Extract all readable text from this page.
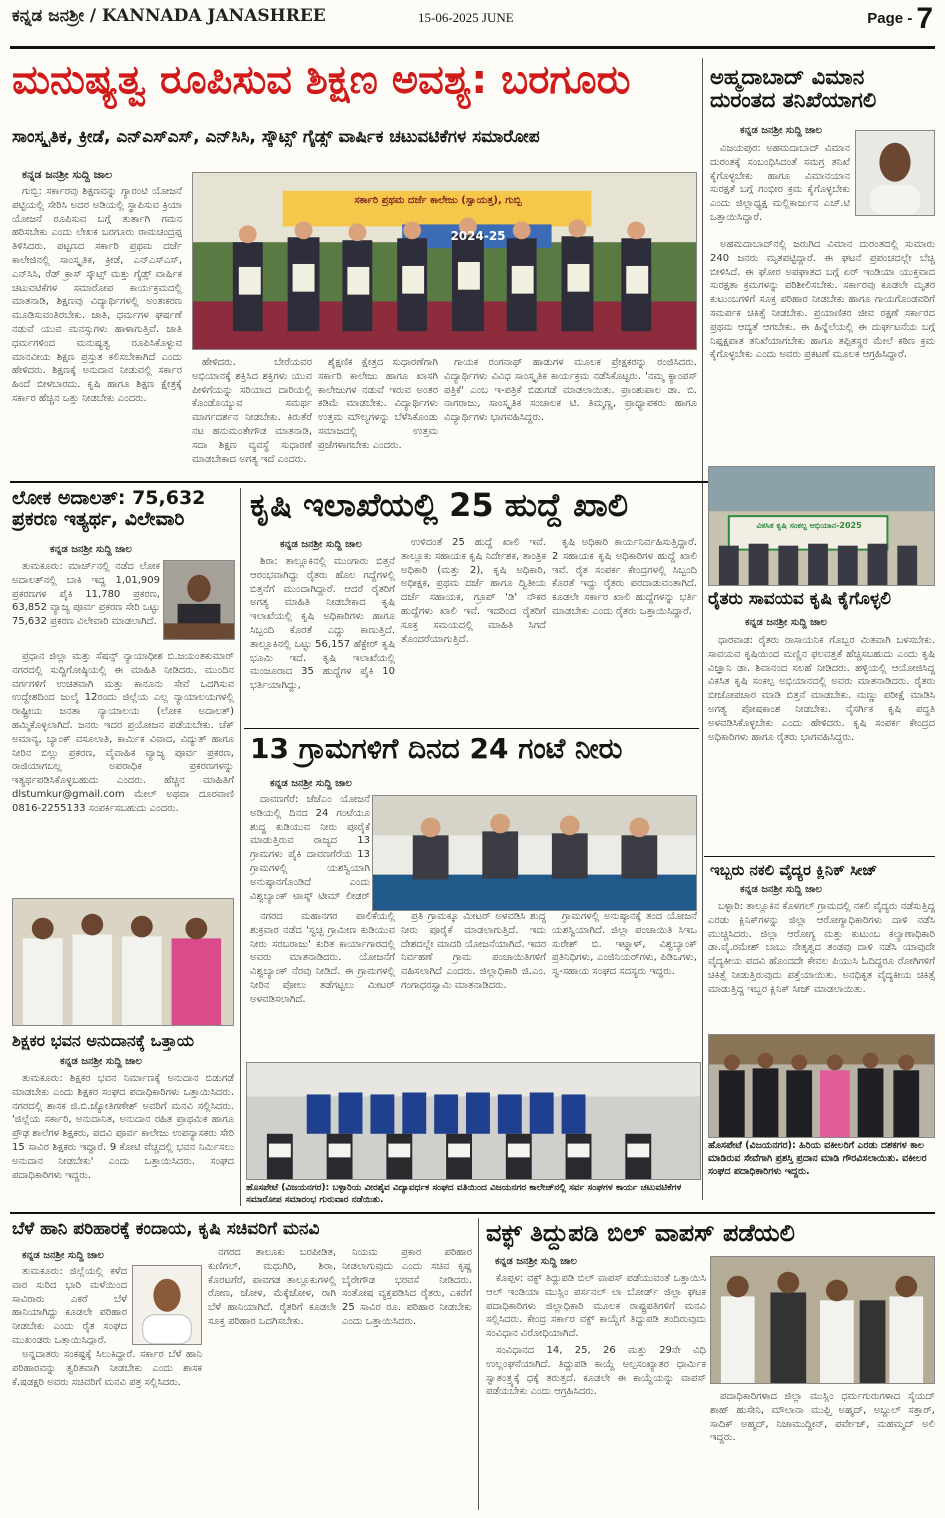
ಕನ್ನಡ ಜನಶ್ರೀ / KANNADA JANASHREE	15-06-2025 JUNE	Page - 7
ಮನುಷ್ಯತ್ವ ರೂಪಿಸುವ ಶಿಕ್ಷಣ ಅವಶ್ಯ: ಬರಗೂರು
ಸಾಂಸ್ಕೃತಿಕ, ಕ್ರೀಡೆ, ಎನ್‌ಎಸ್‌ಎಸ್, ಎನ್‌ಸಿಸಿ, ಸ್ಕೌಟ್ಸ್ ಗೈಡ್ಸ್ ವಾರ್ಷಿಕ ಚಟುವಟಿಕೆಗಳ ಸಮಾರೋಪ
ಕನ್ನಡ ಜನಶ್ರೀ ಸುದ್ದಿ ಜಾಲ

ಗುಬ್ಬಿ: ಸರ್ಕಾರವು ಶಿಕ್ಷಣವನ್ನು ಗ್ಯಾರಂಟಿ ಯೋಜನೆ ಪಟ್ಟಿಯಲ್ಲಿ ಸೇರಿಸಿ ಅದರ ಅಡಿಯಲ್ಲಿ ಸ್ಥಾಪಿಸುವ ಕ್ರಿಯಾ ಯೋಜನೆ ರೂಪಿಸುವ ಬಗ್ಗೆ ತುರ್ತಾಗಿ ಗಮನ ಹರಿಸಬೇಕು ಎಂದು ಲೇಖಕ ಬರಗೂರು ರಾಮಚಂದ್ರಪ್ಪ ತಿಳಿಸಿದರು. ಪಟ್ಟಣದ ಸರ್ಕಾರಿ ಪ್ರಥಮ ದರ್ಜೆ ಕಾಲೇಜಿನಲ್ಲಿ ಸಾಂಸ್ಕೃತಿಕ, ಕ್ರೀಡೆ, ಎನ್‌ಎಸ್‌ಎಸ್, ಎನ್‌ಸಿಸಿ, ರೆಡ್ ಕ್ರಾಸ್ ಸ್ಕೌಟ್ಸ್ ಮತ್ತು ಗೈಡ್ಸ್ ವಾರ್ಷಿಕ ಚಟುವಟಿಕೆಗಳ ಸಮಾರೋಪ ಕಾರ್ಯಕ್ರಮದಲ್ಲಿ ಮಾತನಾಡಿ, ಶಿಕ್ಷಣವು ವಿದ್ಯಾರ್ಥಿಗಳಲ್ಲಿ ಅಂತಃಕರಣ ಮೂಡಿಸುವಂತಿರಬೇಕು. ಜಾತಿ, ಧರ್ಮಗಳ ಘರ್ಷಣೆ ನಡುವೆ ಯುವ ಮನಸ್ಸುಗಳು ಹಾಳಾಗುತ್ತಿವೆ. ಜಾತಿ ಧರ್ಮಗಳಿಂದ ಮನುಷ್ಯತ್ವ ರೂಪಿಸಿಕೊಳ್ಳುವ ಮಾನವೀಯ ಶಿಕ್ಷಣ ಪ್ರಸ್ತುತ ಕಲಿಸಬೇಕಾಗಿದೆ ಎಂದು ಹೇಳಿದರು. ಶಿಕ್ಷಣಕ್ಕೆ ಅನುದಾನ ನೀಡುವಲ್ಲಿ ಸರ್ಕಾರ ಹಿಂದೆ ಬೀಳಬಾರದು. ಕೃಷಿ ಹಾಗೂ ಶಿಕ್ಷಣ ಕ್ಷೇತ್ರಕ್ಕೆ ಸರ್ಕಾರ ಹೆಚ್ಚಿನ ಒತ್ತು ನೀಡಬೇಕು ಎಂದರು.

ಸರ್ಕಾರಿ ಪ್ರಥಮ ದರ್ಜೆ ಕಾಲೇಜು (ಸ್ವಾಯತ್ತ), ಗುಬ್ಬಿ
2024-25

ಹೇಳಿದರು. ಬೇರೆಯವರ ಅಭಿಯಾನಕ್ಕೆ ಶಕ್ತಿಸಿದ ಶಕ್ತಿಗಳು ಯುವ ಪೀಳಿಗೆಯನ್ನು ಸರಿಯಾದ ದಾರಿಯಲ್ಲಿ ಕೊಂಡೊಯ್ಯುವ ಸಮರ್ಥ ಮಾರ್ಗದರ್ಶನ ನೀಡಬೇಕು. ಕಿರುತೆರೆ ನಟ ಹನುಮಂತೇಗೌಡ ಮಾತನಾಡಿ, ಸದಾ ಶಿಕ್ಷಣ ವ್ಯವಸ್ಥೆ ಸುಧಾರಣೆ ಮಾಡಬೇಕಾದ ಅಗತ್ಯ ಇದೆ ಎಂದರು.

ಶೈಕ್ಷಣಿಕ ಕ್ಷೇತ್ರದ ಸುಧಾರಣೆಗಾಗಿ ಸರ್ಕಾರಿ ಕಾಲೇಜು ಹಾಗೂ ಖಾಸಗಿ ಕಾಲೇಜುಗಳ ನಡುವೆ ಇರುವ ಅಂತರ ಕಡಿಮೆ ಮಾಡಬೇಕು. ವಿದ್ಯಾರ್ಥಿಗಳು ಉತ್ತಮ ಮೌಲ್ಯಗಳನ್ನು ಬೆಳೆಸಿಕೊಂಡು ಸಮಾಜದಲ್ಲಿ ಉತ್ತಮ ಪ್ರಜೆಗಳಾಗಬೇಕು ಎಂದರು.

ಗಾಯಕ ರಂಗನಾಥ್ ಹಾಡುಗಳ ಮೂಲಕ ಪ್ರೇಕ್ಷಕರನ್ನು ರಂಜಿಸಿದರು. ವಿದ್ಯಾರ್ಥಿಗಳು ವಿವಿಧ ಸಾಂಸ್ಕೃತಿಕ ಕಾರ್ಯಕ್ರಮ ನಡೆಸಿಕೊಟ್ಟರು. 'ನಮ್ಮ ಕ್ಯಾಂಪಸ್ ಪತ್ರಿಕೆ' ಎಂಬ ಇ-ಪತ್ರಿಕೆ ಬಿಡುಗಡೆ ಮಾಡಲಾಯಿತು. ಪ್ರಾಂಶುಪಾಲ ಡಾ. ಬಿ. ನಾಗರಾಜು, ಸಾಂಸ್ಕೃತಿಕ ಸಂಚಾಲಕ ಟಿ. ತಿಮ್ಮಣ್ಣ, ಪ್ರಾಧ್ಯಾಪಕರು ಹಾಗೂ ವಿದ್ಯಾರ್ಥಿಗಳು ಭಾಗವಹಿಸಿದ್ದರು.

ಅಹ್ಮದಾಬಾದ್ ವಿಮಾನ ದುರಂತದ ತನಿಖೆಯಾಗಲಿ
ಕನ್ನಡ ಜನಶ್ರೀ ಸುದ್ದಿ ಜಾಲ

ವಿಜಯಪುರ: ಅಹಮದಾಬಾದ್ ವಿಮಾನ ದುರಂತಕ್ಕೆ ಸಂಬಂಧಿಸಿದಂತೆ ಸಮಗ್ರ ತನಿಖೆ ಕೈಗೊಳ್ಳಬೇಕು ಹಾಗೂ ವಿಮಾನಯಾನ ಸುರಕ್ಷತೆ ಬಗ್ಗೆ ಗಂಭೀರ ಕ್ರಮ ಕೈಗೊಳ್ಳಬೇಕು ಎಂದು ಜಿಲ್ಲಾಧ್ಯಕ್ಷ ಮಲ್ಲಿಕಾರ್ಜುನ ಎಚ್.ಟಿ ಒತ್ತಾಯಿಸಿದ್ದಾರೆ.

ಅಹಮದಾಬಾದ್‌ನಲ್ಲಿ ಜರುಗಿದ ವಿಮಾನ ದುರಂತದಲ್ಲಿ ಸುಮಾರು 240 ಜನರು ಮೃತಪಟ್ಟಿದ್ದಾರೆ. ಈ ಘಟನೆ ಪ್ರಪಂಚದಲ್ಲೇ ಬೆಚ್ಚಿ ಬೀಳಿಸಿದೆ. ಈ ಘೋರ ಅಪಘಾತದ ಬಗ್ಗೆ ಏರ್ ಇಂಡಿಯಾ ಯುಕ್ತವಾದ ಸುರಕ್ಷತಾ ಕ್ರಮಗಳನ್ನು ಪರಿಶೀಲಿಸಬೇಕು. ಸರ್ಕಾರವು ಕೂಡಲೇ ಮೃತರ ಕುಟುಂಬಗಳಿಗೆ ಸೂಕ್ತ ಪರಿಹಾರ ನೀಡಬೇಕು ಹಾಗೂ ಗಾಯಗೊಂಡವರಿಗೆ ಸಮರ್ಪಕ ಚಿಕಿತ್ಸೆ ನೀಡಬೇಕು. ಪ್ರಯಾಣಿಕರ ಜೀವ ರಕ್ಷಣೆ ಸರ್ಕಾರದ ಪ್ರಥಮ ಆದ್ಯತೆ ಆಗಬೇಕು. ಈ ಹಿನ್ನೆಲೆಯಲ್ಲಿ ಈ ದುರ್ಘಟನೆಯ ಬಗ್ಗೆ ನಿಷ್ಪಕ್ಷಪಾತ ತನಿಖೆಯಾಗಬೇಕು ಹಾಗೂ ತಪ್ಪಿತಸ್ಥರ ಮೇಲೆ ಕಠಿಣ ಕ್ರಮ ಕೈಗೊಳ್ಳಬೇಕು ಎಂದು ಅವರು ಪ್ರಕಟಣೆ ಮೂಲಕ ಆಗ್ರಹಿಸಿದ್ದಾರೆ.

ಲೋಕ ಅದಾಲತ್: 75,632 ಪ್ರಕರಣ ಇತ್ಯರ್ಥ, ವಿಲೇವಾರಿ
ಕನ್ನಡ ಜನಶ್ರೀ ಸುದ್ದಿ ಜಾಲ

ತುಮಕೂರು: ಮಾರ್ಚ್‌ನಲ್ಲಿ ನಡೆದ ಲೋಕ ಅದಾಲತ್‌ನಲ್ಲಿ ಬಾಕಿ ಇದ್ದ 1,01,909 ಪ್ರಕರಣಗಳ ಪೈಕಿ 11,780 ಪ್ರಕರಣ, 63,852 ವ್ಯಾಜ್ಯ ಪೂರ್ವ ಪ್ರಕರಣ ಸೇರಿ ಒಟ್ಟು 75,632 ಪ್ರಕರಣ ವಿಲೇವಾರಿ ಮಾಡಲಾಗಿದೆ.

ಪ್ರಧಾನ ಜಿಲ್ಲಾ ಮತ್ತು ಸೆಷನ್ಸ್ ನ್ಯಾಯಾಧೀಶ ಬಿ.ಜಯಂತಕುಮಾರ್ ನಗರದಲ್ಲಿ ಸುದ್ದಿಗೋಷ್ಠಿಯಲ್ಲಿ ಈ ಮಾಹಿತಿ ನೀಡಿದರು. ಮುಂದಿನ ವರ್ಗಗಳಿಗೆ ಉಚಿತವಾಗಿ ಮತ್ತು ಕಾನೂನು ಸೇವೆ ಒದಗಿಸುವ ಉದ್ದೇಶದಿಂದ ಜುಲೈ 12ರಂದು ಜಿಲ್ಲೆಯ ಎಲ್ಲ ನ್ಯಾಯಾಲಯಗಳಲ್ಲಿ ರಾಷ್ಟ್ರೀಯ ಜನತಾ ನ್ಯಾಯಾಲಯ (ಲೋಕ ಅದಾಲತ್) ಹಮ್ಮಿಕೊಳ್ಳಲಾಗಿದೆ. ಜನರು ಇದರ ಪ್ರಯೋಜನ ಪಡೆಯಬೇಕು. ಚೆಕ್ ಅಮಾನ್ಯ, ಬ್ಯಾಂಕ್ ವಸೂಲಾತಿ, ಕಾರ್ಮಿಕ ವಿವಾದ, ವಿದ್ಯುತ್ ಹಾಗೂ ನೀರಿನ ಬಿಲ್ಲು ಪ್ರಕರಣ, ವೈವಾಹಿಕ ವ್ಯಾಜ್ಯ ಪೂರ್ವ ಪ್ರಕರಣ, ರಾಜಿಯಾಗಬಲ್ಲ ಅಪರಾಧಿಕ ಪ್ರಕರಣಗಳನ್ನು ಇತ್ಯರ್ಥಪಡಿಸಿಕೊಳ್ಳಬಹುದು ಎಂದರು. ಹೆಚ್ಚಿನ ಮಾಹಿತಿಗೆ dlstumkur@gmail.com ಮೇಲ್ ಅಥವಾ ದೂರವಾಣಿ 0816-2255133 ಸಂಪರ್ಕಿಸಬಹುದು ಎಂದರು.

ಕೃಷಿ ಇಲಾಖೆಯಲ್ಲಿ 25 ಹುದ್ದೆ ಖಾಲಿ
ಕನ್ನಡ ಜನಶ್ರೀ ಸುದ್ದಿ ಜಾಲ

ಶಿರಾ: ತಾಲ್ಲೂಕಿನಲ್ಲಿ ಮುಂಗಾರು ಬಿತ್ತನೆ ಆರಂಭವಾಗಿದ್ದು ರೈತರು ಹೊಲ ಗದ್ದೆಗಳಲ್ಲಿ ಬಿತ್ತನೆಗೆ ಮುಂದಾಗಿದ್ದಾರೆ. ಆದರೆ ರೈತರಿಗೆ ಅಗತ್ಯ ಮಾಹಿತಿ ನೀಡಬೇಕಾದ ಕೃಷಿ ಇಲಾಖೆಯಲ್ಲಿ ಕೃಷಿ ಅಧಿಕಾರಿಗಳು ಹಾಗೂ ಸಿಬ್ಬಂದಿ ಕೊರತೆ ಎದ್ದು ಕಾಣುತ್ತಿದೆ. ತಾಲ್ಲೂಕಿನಲ್ಲಿ ಒಟ್ಟು 56,157 ಹೆಕ್ಟೇರ್ ಕೃಷಿ ಭೂಮಿ ಇದೆ. ಕೃಷಿ ಇಲಾಖೆಯಲ್ಲಿ ಮಂಜೂರಾದ 35 ಹುದ್ದೆಗಳ ಪೈಕಿ 10 ಭರ್ತಿಯಾಗಿದ್ದು,

ಉಳಿದಂತೆ 25 ಹುದ್ದೆ ಖಾಲಿ ಇವೆ. ತಾಲ್ಲೂಕು ಸಹಾಯಕ ಕೃಷಿ ನಿರ್ದೇಶಕ, ತಾಂತ್ರಿಕ ಅಧಿಕಾರಿ (ಮತ್ತು 2), ಕೃಷಿ ಅಧಿಕಾರಿ, ಅಧೀಕ್ಷಕ, ಪ್ರಥಮ ದರ್ಜೆ ಹಾಗೂ ದ್ವಿತೀಯ ದರ್ಜೆ ಸಹಾಯಕ, ಗ್ರೂಪ್ 'ಡಿ' ನೌಕರ ಹುದ್ದೆಗಳು ಖಾಲಿ ಇವೆ. ಇದರಿಂದ ರೈತರಿಗೆ ಸೂಕ್ತ ಸಮಯದಲ್ಲಿ ಮಾಹಿತಿ ಸಿಗದೆ ತೊಂದರೆಯಾಗುತ್ತಿದೆ.

ಕೃಷಿ ಅಧಿಕಾರಿ ಕಾರ್ಯನಿರ್ವಹಿಸುತ್ತಿದ್ದಾರೆ. 2 ಸಹಾಯಕ ಕೃಷಿ ಅಧಿಕಾರಿಗಳ ಹುದ್ದೆ ಖಾಲಿ ಇವೆ. ರೈತ ಸಂಪರ್ಕ ಕೇಂದ್ರಗಳಲ್ಲಿ ಸಿಬ್ಬಂದಿ ಕೊರತೆ ಇದ್ದು ರೈತರು ಪರದಾಡುವಂತಾಗಿದೆ. ಕೂಡಲೇ ಸರ್ಕಾರ ಖಾಲಿ ಹುದ್ದೆಗಳನ್ನು ಭರ್ತಿ ಮಾಡಬೇಕು ಎಂದು ರೈತರು ಒತ್ತಾಯಿಸಿದ್ದಾರೆ.

ವಿಕಸಿತ ಕೃಷಿ ಸಂಕಲ್ಪ ಅಭಿಯಾನ-2025
ರೈತರು ಸಾವಯವ ಕೃಷಿ ಕೈಗೊಳ್ಳಲಿ
ಕನ್ನಡ ಜನಶ್ರೀ ಸುದ್ದಿ ಜಾಲ

ಧಾರವಾಡ: ರೈತರು ರಾಸಾಯನಿಕ ಗೊಬ್ಬರ ಮಿತವಾಗಿ ಬಳಸಬೇಕು. ಸಾವಯವ ಕೃಷಿಯಿಂದ ಮಣ್ಣಿನ ಫಲವತ್ತತೆ ಹೆಚ್ಚಿಸಬಹುದು ಎಂದು ಕೃಷಿ ವಿಜ್ಞಾನಿ ಡಾ. ಶಿವಾನಂದ ಸಲಹೆ ನೀಡಿದರು. ಹಳ್ಳಿಯಲ್ಲಿ ಆಯೋಜಿಸಿದ್ದ ವಿಕಸಿತ ಕೃಷಿ ಸಂಕಲ್ಪ ಅಭಿಯಾನದಲ್ಲಿ ಅವರು ಮಾತನಾಡಿದರು. ರೈತರು ಬೀಜೋಪಚಾರ ಮಾಡಿ ಬಿತ್ತನೆ ಮಾಡಬೇಕು. ಮಣ್ಣು ಪರೀಕ್ಷೆ ಮಾಡಿಸಿ ಅಗತ್ಯ ಪೋಷಕಾಂಶ ನೀಡಬೇಕು. ನೈಸರ್ಗಿಕ ಕೃಷಿ ಪದ್ಧತಿ ಅಳವಡಿಸಿಕೊಳ್ಳಬೇಕು ಎಂದು ಹೇಳಿದರು. ಕೃಷಿ ಸಂಪರ್ಕ ಕೇಂದ್ರದ ಅಧಿಕಾರಿಗಳು ಹಾಗೂ ರೈತರು ಭಾಗವಹಿಸಿದ್ದರು.

13 ಗ್ರಾಮಗಳಿಗೆ ದಿನದ 24 ಗಂಟೆ ನೀರು
ಕನ್ನಡ ಜನಶ್ರೀ ಸುದ್ದಿ ಜಾಲ

ದಾವಣಗೆರೆ: ಜೆಜೆಎಂ ಯೋಜನೆ ಅಡಿಯಲ್ಲಿ ದಿನದ 24 ಗಂಟೆಯೂ ಶುದ್ಧ ಕುಡಿಯುವ ನೀರು ಪೂರೈಕೆ ಮಾಡುತ್ತಿರುವ ರಾಜ್ಯದ 13 ಗ್ರಾಮಗಳು ಪೈಕಿ ದಾವಣಗೆರೆಯ 13 ಗ್ರಾಮಗಳಲ್ಲಿ ಯಶಸ್ವಿಯಾಗಿ ಅನುಷ್ಠಾನಗೊಂಡಿದೆ ಎಂದು ವಿಶ್ವಬ್ಯಾಂಕ್ ಟಾಸ್ಕ್ ಟೀಮ್ ಲೀಡರ್

ನಗರದ ಮಹಾನಗರ ಪಾಲಿಕೆಯಲ್ಲಿ ಶುಕ್ರವಾರ ನಡೆದ 'ಸ್ವಚ್ಛ ಗ್ರಾಮೀಣ ಕುಡಿಯುವ ನೀರು ಸರಬರಾಜು' ಕುರಿತ ಕಾರ್ಯಾಗಾರದಲ್ಲಿ ಅವರು ಮಾತನಾಡಿದರು. ಯೋಜನೆಗೆ ವಿಶ್ವಬ್ಯಾಂಕ್ ನೆರವು ನೀಡಿದೆ. ಈ ಗ್ರಾಮಗಳಲ್ಲಿ ನೀರಿನ ಪೋಲು ತಡೆಗಟ್ಟಲು ಮೀಟರ್ ಅಳವಡಿಸಲಾಗಿದೆ.

ಪ್ರತಿ ಗ್ರಾಮಕ್ಕೂ ಮೀಟರ್ ಅಳವಡಿಸಿ ಶುದ್ಧ ನೀರು ಪೂರೈಕೆ ಮಾಡಲಾಗುತ್ತಿದೆ. ಇದು ದೇಶದಲ್ಲೇ ಮಾದರಿ ಯೋಜನೆಯಾಗಿದೆ. ಇದರ ನಿರ್ವಹಣೆ ಗ್ರಾಮ ಪಂಚಾಯಿತಿಗಳಿಗೆ ವಹಿಸಲಾಗಿದೆ ಎಂದರು. ಜಿಲ್ಲಾಧಿಕಾರಿ ಜಿ.ಎಂ. ಗಂಗಾಧರಸ್ವಾಮಿ ಮಾತನಾಡಿದರು.

ಗ್ರಾಮಗಳಲ್ಲಿ ಅನುಷ್ಠಾನಕ್ಕೆ ತಂದ ಯೋಜನೆ ಯಶಸ್ವಿಯಾಗಿದೆ. ಜಿಲ್ಲಾ ಪಂಚಾಯಿತಿ ಸಿಇಒ ಸುರೇಶ್ ಬಿ. ಇಟ್ನಾಳ್, ವಿಶ್ವಬ್ಯಾಂಕ್ ಪ್ರತಿನಿಧಿಗಳು, ಎಂಜಿನಿಯರ್‌ಗಳು, ಪಿಡಿಒಗಳು, ಸ್ವ-ಸಹಾಯ ಸಂಘದ ಸದಸ್ಯರು ಇದ್ದರು.

ಶಿಕ್ಷಕರ ಭವನ ಅನುದಾನಕ್ಕೆ ಒತ್ತಾಯ
ಕನ್ನಡ ಜನಶ್ರೀ ಸುದ್ದಿ ಜಾಲ

ತುಮಕೂರು: ಶಿಕ್ಷಕರ ಭವನ ನಿರ್ಮಾಣಕ್ಕೆ ಅನುದಾನ ಬಿಡುಗಡೆ ಮಾಡಬೇಕು ಎಂದು ಶಿಕ್ಷಕರ ಸಂಘದ ಪದಾಧಿಕಾರಿಗಳು ಒತ್ತಾಯಿಸಿದರು. ನಗರದಲ್ಲಿ ಶಾಸಕ ಜಿ.ಬಿ.ಜ್ಯೋತಿಗಣೇಶ್‌ ಅವರಿಗೆ ಮನವಿ ಸಲ್ಲಿಸಿದರು. 'ಜಿಲ್ಲೆಯ ಸರ್ಕಾರಿ, ಅನುದಾನಿತ, ಅನುದಾನ ರಹಿತ ಪ್ರಾಥಮಿಕ ಹಾಗೂ ಪ್ರೌಢ ಶಾಲೆಗಳ ಶಿಕ್ಷಕರು, ಪದವಿ ಪೂರ್ವ ಕಾಲೇಜು ಉಪನ್ಯಾಸಕರು ಸೇರಿ 15 ಸಾವಿರ ಶಿಕ್ಷಕರು ಇದ್ದಾರೆ. 9 ಕೋಟಿ ವೆಚ್ಚದಲ್ಲಿ ಭವನ ನಿರ್ಮಿಸಲು ಅನುದಾನ ನೀಡಬೇಕು' ಎಂದು ಒತ್ತಾಯಿಸಿದರು. ಸಂಘದ ಪದಾಧಿಕಾರಿಗಳು ಇದ್ದರು.

ಇಬ್ಬರು ನಕಲಿ ವೈದ್ಯರ ಕ್ಲಿನಿಕ್ ಸೀಜ್
ಕನ್ನಡ ಜನಶ್ರೀ ಸುದ್ದಿ ಜಾಲ

ಬಳ್ಳಾರಿ: ತಾಲ್ಲೂಕಿನ ಕೊಳಗಲ್ ಗ್ರಾಮದಲ್ಲಿ ನಕಲಿ ವೈದ್ಯರು ನಡೆಸುತ್ತಿದ್ದ ಎರಡು ಕ್ಲಿನಿಕ್‌ಗಳನ್ನು ಜಿಲ್ಲಾ ಆರೋಗ್ಯಾಧಿಕಾರಿಗಳು ದಾಳಿ ನಡೆಸಿ ಮುಚ್ಚಿಸಿದರು. ಜಿಲ್ಲಾ ಆರೋಗ್ಯ ಮತ್ತು ಕುಟುಂಬ ಕಲ್ಯಾಣಾಧಿಕಾರಿ ಡಾ.ವೈ.ರಮೇಶ್ ಬಾಬು ನೇತೃತ್ವದ ತಂಡವು ದಾಳಿ ನಡೆಸಿ ಯಾವುದೇ ವೈದ್ಯಕೀಯ ಪದವಿ ಹೊಂದದೇ ಕೇವಲ ಪಿಯುಸಿ ಓದಿದ್ದರೂ ರೋಗಿಗಳಿಗೆ ಚಿಕಿತ್ಸೆ ನೀಡುತ್ತಿರುವುದು ಪತ್ತೆಯಾಯಿತು. ಅನಧಿಕೃತ ವೈದ್ಯಕೀಯ ಚಿಕಿತ್ಸೆ ಮಾಡುತ್ತಿದ್ದ ಇಬ್ಬರ ಕ್ಲಿನಿಕ್ ಸೀಜ್ ಮಾಡಲಾಯಿತು.

ಹೊಸಪೇಟೆ (ವಿಜಯನಗರ): ಹಿರಿಯ ವಕೀಲರಿಗೆ ಎರಡು ದಶಕಗಳ ಕಾಲ ಮಾಡಿರುವ ಸೇವೆಗಾಗಿ ಪ್ರಶಸ್ತಿ ಪ್ರದಾನ ಮಾಡಿ ಗೌರವಿಸಲಾಯಿತು. ವಕೀಲರ ಸಂಘದ ಪದಾಧಿಕಾರಿಗಳು ಇದ್ದರು.
ಹೊಸಪೇಟೆ (ವಿಜಯನಗರ): ಬಳ್ಳಾರಿಯ ವೀರಶೈವ ವಿದ್ಯಾವರ್ಧಕ ಸಂಘದ ವತಿಯಿಂದ ವಿಜಯನಗರ ಕಾಲೇಜ್‌ನಲ್ಲಿ ಸರ್ವ ಸಂಘಗಳ ಕಾರ್ಯ ಚಟುವಟಿಕೆಗಳ ಸಮಾರೋಪ ಸಮಾರಂಭ ಗುರುವಾರ ನಡೆಯಿತು.
ಬೆಳೆ ಹಾನಿ ಪರಿಹಾರಕ್ಕೆ ಕಂದಾಯ, ಕೃಷಿ ಸಚಿವರಿಗೆ ಮನವಿ
ಕನ್ನಡ ಜನಶ್ರೀ ಸುದ್ದಿ ಜಾಲ

ತುಮಕೂರು: ಜಿಲ್ಲೆಯಲ್ಲಿ ಕಳೆದ ವಾರ ಸುರಿದ ಭಾರಿ ಮಳೆಯಿಂದ ಸಾವಿರಾರು ಎಕರೆ ಬೆಳೆ ಹಾನಿಯಾಗಿದ್ದು ಕೂಡಲೇ ಪರಿಹಾರ ನೀಡಬೇಕು ಎಂದು ರೈತ ಸಂಘದ ಮುಖಂಡರು ಒತ್ತಾಯಿಸಿದ್ದಾರೆ.

ಅನ್ನದಾತರು ಸಂಕಷ್ಟಕ್ಕೆ ಸಿಲುಕಿದ್ದಾರೆ. ಸರ್ಕಾರ ಬೆಳೆ ಹಾನಿ ಪರಿಹಾರವನ್ನು ತ್ವರಿತವಾಗಿ ನೀಡಬೇಕು ಎಂದು ಶಾಸಕ ಕೆ.ಷಡಕ್ಷರಿ ಅವರು ಸಚಿವರಿಗೆ ಮನವಿ ಪತ್ರ ಸಲ್ಲಿಸಿದರು.

ನಗರದ ತಾಲೂಕು ಬರಪೀಡಿತ, ಕುಣಿಗಲ್, ಮಧುಗಿರಿ, ಶಿರಾ, ಕೊರಟಗೆರೆ, ಪಾವಗಡ ತಾಲ್ಲೂಕುಗಳಲ್ಲಿ ರೋಣ, ಜೋಳ, ಮೆಕ್ಕೆಜೋಳ, ರಾಗಿ ಬೆಳೆ ಹಾನಿಯಾಗಿದೆ. ರೈತರಿಗೆ ಕೂಡಲೇ ಸೂಕ್ತ ಪರಿಹಾರ ಒದಗಿಸಬೇಕು.

ನಿಯಮ ಪ್ರಕಾರ ಪರಿಹಾರ ನೀಡಲಾಗುವುದು ಎಂದು ಸಚಿವ ಕೃಷ್ಣ ಬೈರೇಗೌಡ ಭರವಸೆ ನೀಡಿದರು. ಸಂತೋಷ ವ್ಯಕ್ತಪಡಿಸಿದ ರೈತರು, ಎಕರೆಗೆ 25 ಸಾವಿರ ರೂ. ಪರಿಹಾರ ನೀಡಬೇಕು ಎಂದು ಒತ್ತಾಯಿಸಿದರು.

ವಕ್ಫ್ ತಿದ್ದುಪಡಿ ಬಿಲ್ ವಾಪಸ್ ಪಡೆಯಲಿ
ಕನ್ನಡ ಜನಶ್ರೀ ಸುದ್ದಿ ಜಾಲ

ಕೊಪ್ಪಳ: ವಕ್ಫ್ ತಿದ್ದುಪಡಿ ಬಿಲ್ ವಾಪಸ್ ಪಡೆಯುವಂತೆ ಒತ್ತಾಯಿಸಿ ಆಲ್ ಇಂಡಿಯಾ ಮುಸ್ಲಿಂ ಪರ್ಸನಲ್ ಲಾ ಬೋರ್ಡ್ ಜಿಲ್ಲಾ ಘಟಕ ಪದಾಧಿಕಾರಿಗಳು ಜಿಲ್ಲಾಧಿಕಾರಿ ಮೂಲಕ ರಾಷ್ಟ್ರಪತಿಗಳಿಗೆ ಮನವಿ ಸಲ್ಲಿಸಿದರು. ಕೇಂದ್ರ ಸರ್ಕಾರ ವಕ್ಫ್ ಕಾಯ್ದೆಗೆ ತಿದ್ದುಪಡಿ ತಂದಿರುವುದು ಸಂವಿಧಾನ ವಿರೋಧಿಯಾಗಿದೆ.

ಸಂವಿಧಾನದ 14, 25, 26 ಮತ್ತು 29ನೇ ವಿಧಿ ಉಲ್ಲಂಘನೆಯಾಗಿದೆ. ತಿದ್ದುಪಡಿ ಕಾಯ್ದೆ ಅಲ್ಪಸಂಖ್ಯಾತರ ಧಾರ್ಮಿಕ ಸ್ವಾತಂತ್ರ್ಯಕ್ಕೆ ಧಕ್ಕೆ ತರುತ್ತದೆ. ಕೂಡಲೇ ಈ ಕಾಯ್ದೆಯನ್ನು ವಾಪಸ್ ಪಡೆಯಬೇಕು ಎಂದು ಆಗ್ರಹಿಸಿದರು.	ಪದಾಧಿಕಾರಿಗಳಾದ ಜಿಲ್ಲಾ ಮುಸ್ಲಿಂ ಧರ್ಮಗುರುಗಳಾದ ಸೈಯದ್ ಶಾಹ್ ಹುಸೇನಿ, ಮೌಲಾನಾ ಮುಫ್ತಿ ಅಹ್ಮದ್, ಅಬ್ದುಲ್ ಸತ್ತಾರ್, ಸಾದಿಕ್ ಅಹ್ಮದ್, ನಿಜಾಮುದ್ದೀನ್, ಪರ್ವೇಜ್, ಮಹಮ್ಮದ್ ಅಲಿ ಇದ್ದರು.
